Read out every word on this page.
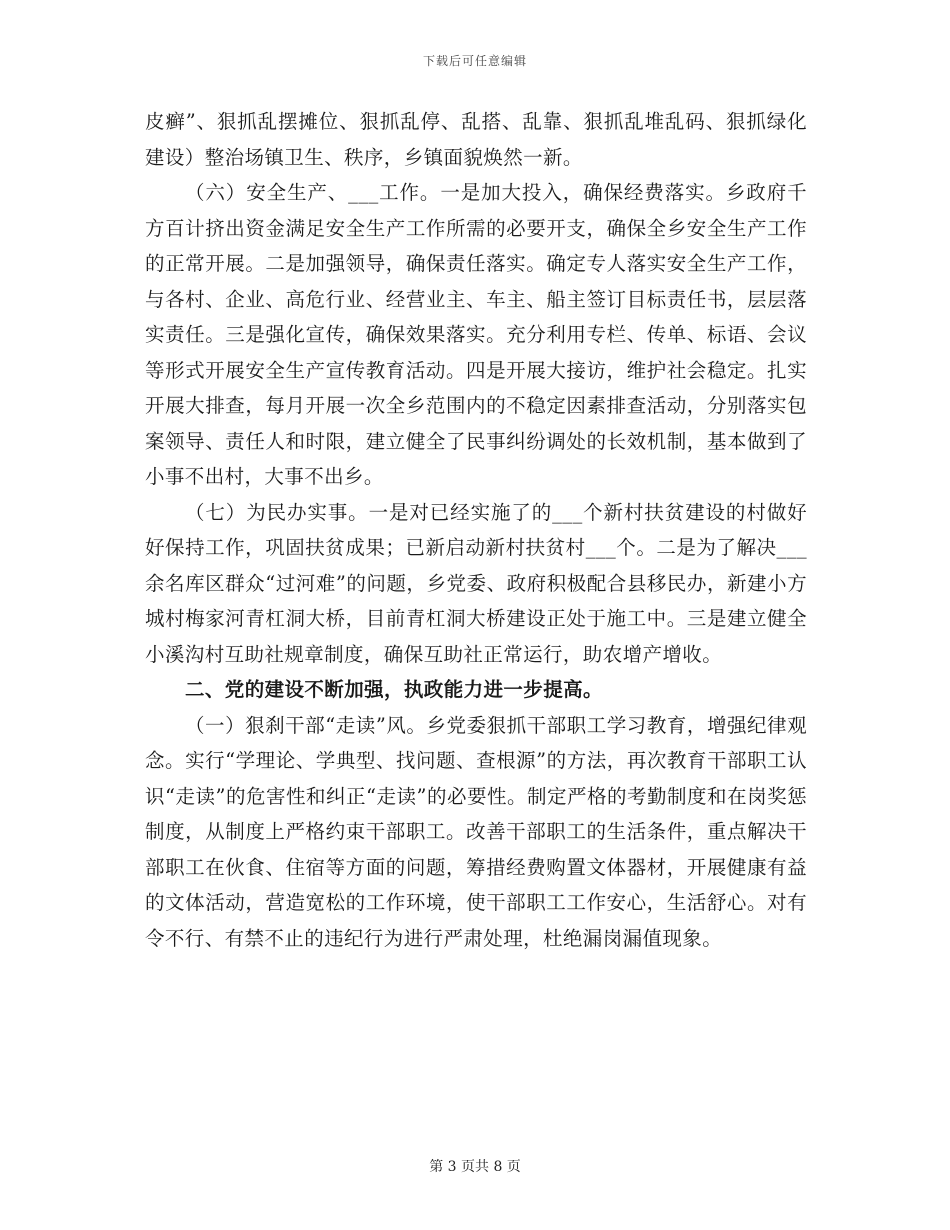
下载后可任意编辑

皮癣”、狠抓乱摆摊位、狠抓乱停、乱搭、乱靠、狠抓乱堆乱码、狠抓绿化建设）整治场镇卫生、秩序，乡镇面貌焕然一新。

（六）安全生产、___工作。一是加大投入，确保经费落实。乡政府千方百计挤出资金满足安全生产工作所需的必要开支，确保全乡安全生产工作的正常开展。二是加强领导，确保责任落实。确定专人落实安全生产工作，与各村、企业、高危行业、经营业主、车主、船主签订目标责任书，层层落实责任。三是强化宣传，确保效果落实。充分利用专栏、传单、标语、会议等形式开展安全生产宣传教育活动。四是开展大接访，维护社会稳定。扎实开展大排查，每月开展一次全乡范围内的不稳定因素排查活动，分别落实包案领导、责任人和时限，建立健全了民事纠纷调处的长效机制，基本做到了小事不出村，大事不出乡。

（七）为民办实事。一是对已经实施了的___个新村扶贫建设的村做好好保持工作，巩固扶贫成果；已新启动新村扶贫村___个。二是为了解决___余名库区群众“过河难”的问题，乡党委、政府积极配合县移民办，新建小方城村梅家河青杠洞大桥，目前青杠洞大桥建设正处于施工中。三是建立健全小溪沟村互助社规章制度，确保互助社正常运行，助农增产增收。

二、党的建设不断加强，执政能力进一步提高。

（一）狠刹干部“走读”风。乡党委狠抓干部职工学习教育，增强纪律观念。实行“学理论、学典型、找问题、查根源”的方法，再次教育干部职工认识“走读”的危害性和纠正“走读”的必要性。制定严格的考勤制度和在岗奖惩制度，从制度上严格约束干部职工。改善干部职工的生活条件，重点解决干部职工在伙食、住宿等方面的问题，筹措经费购置文体器材，开展健康有益的文体活动，营造宽松的工作环境，使干部职工工作安心，生活舒心。对有令不行、有禁不止的违纪行为进行严肃处理，杜绝漏岗漏值现象。

第 3 页共 8 页
